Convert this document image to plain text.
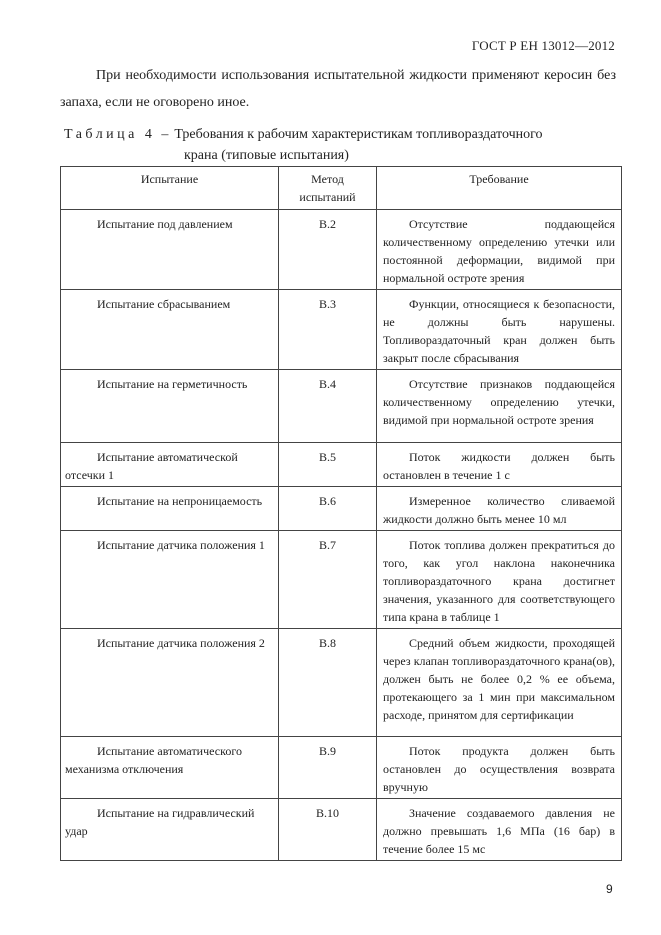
ГОСТ Р ЕН 13012—2012

При необходимости использования испытательной жидкости применяют керосин без запаха, если не оговорено иное.

Таблица 4 – Требования к рабочим характеристикам топливораздаточного
крана (типовые испытания)
Испытание	Метод испытаний	Требование

Испытание под давлением	B.2	Отсутствие поддающейся количественному определению утечки или постоянной деформации, видимой при нормальной остроте зрения

Испытание сбрасыванием	B.3	Функции, относящиеся к безопасности, не должны быть нарушены. Топливораздаточный кран должен быть закрыт после сбрасывания

Испытание на герметичность	B.4	Отсутствие признаков поддающейся количественному определению утечки, видимой при нормальной остроте зрения

Испытание автоматической отсечки 1	B.5	Поток жидкости должен быть остановлен в течение 1 с

Испытание на непроницаемость	B.6	Измеренное количество сливаемой жидкости должно быть менее 10 мл

Испытание датчика положения 1	B.7	Поток топлива должен прекратиться до того, как угол наклона наконечника топливораздаточного крана достигнет значения, указанного для соответствующего типа крана в таблице 1

Испытание датчика положения 2	B.8	Средний объем жидкости, проходящей через клапан топливораздаточного крана(ов), должен быть не более 0,2 % ее объема, протекающего за 1 мин при максимальном расходе, принятом для сертификации

Испытание автоматического механизма отключения	B.9	Поток продукта должен быть остановлен до осуществления возврата вручную

Испытание на гидравлический удар	B.10	Значение создаваемого давления не должно превышать 1,6 МПа (16 бар) в течение более 15 мс
9
